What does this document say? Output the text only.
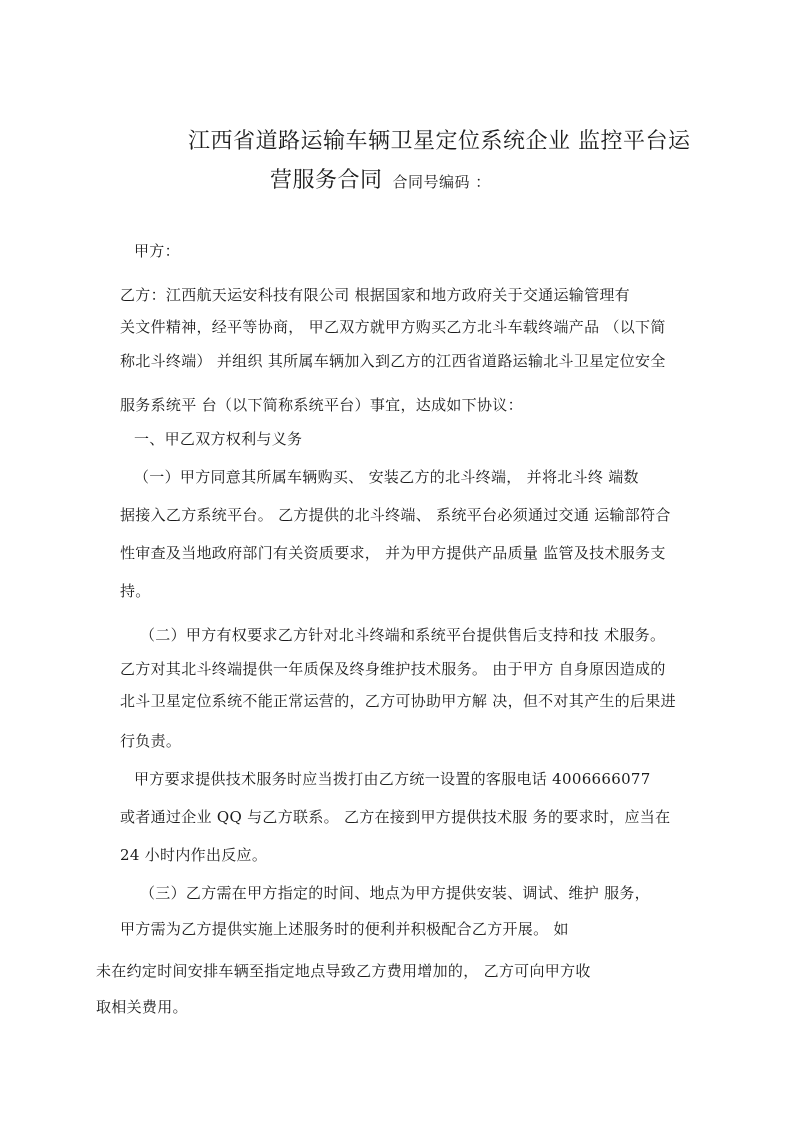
江西省道路运输车辆卫星定位系统企业 监控平台运
营服务合同 合同号编码 ：
甲方：
乙方：江西航天运安科技有限公司 根据国家和地方政府关于交通运输管理有
关文件精神，经平等协商， 甲乙双方就甲方购买乙方北斗车载终端产品 （以下简
称北斗终端） 并组织 其所属车辆加入到乙方的江西省道路运输北斗卫星定位安全
服务系统平 台（以下简称系统平台）事宜，达成如下协议：
一、甲乙双方权利与义务
（一）甲方同意其所属车辆购买、 安装乙方的北斗终端， 并将北斗终 端数
据接入乙方系统平台。 乙方提供的北斗终端、 系统平台必须通过交通 运输部符合
性审查及当地政府部门有关资质要求， 并为甲方提供产品质量 监管及技术服务支
持。
（二）甲方有权要求乙方针对北斗终端和系统平台提供售后支持和技 术服务。
乙方对其北斗终端提供一年质保及终身维护技术服务。 由于甲方 自身原因造成的
北斗卫星定位系统不能正常运营的，乙方可协助甲方解 决，但不对其产生的后果进
行负责。
甲方要求提供技术服务时应当拨打由乙方统一设置的客服电话 4006666077
或者通过企业 QQ 与乙方联系。 乙方在接到甲方提供技术服 务的要求时，应当在
24 小时内作出反应。
（三）乙方需在甲方指定的时间、地点为甲方提供安装、调试、维护 服务，
甲方需为乙方提供实施上述服务时的便利并积极配合乙方开展。 如
未在约定时间安排车辆至指定地点导致乙方费用增加的， 乙方可向甲方收
取相关费用。
